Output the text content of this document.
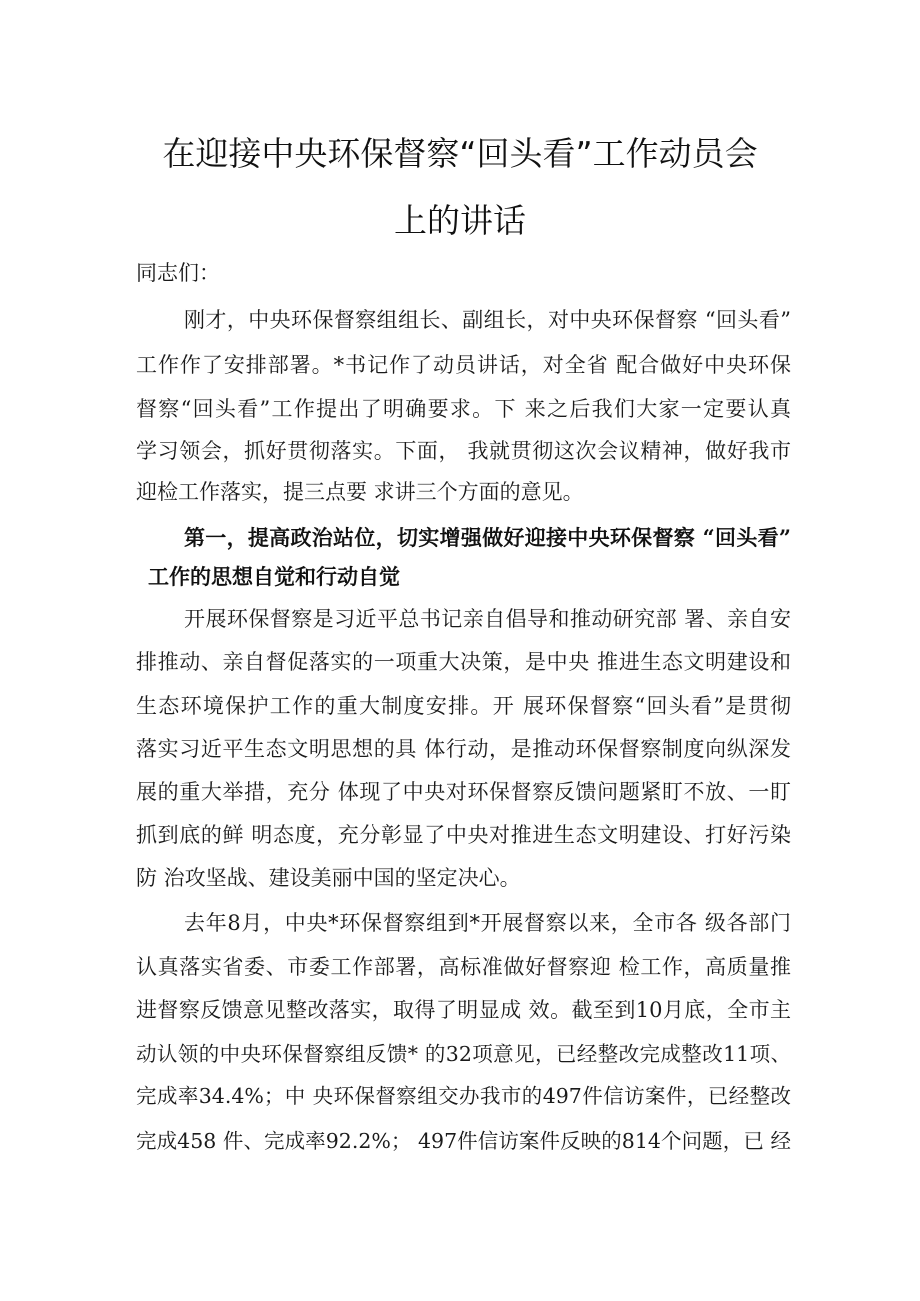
在迎接中央环保督察“回头看”工作动员会
上的讲话
同志们：
刚才，中央环保督察组组长、副组长，对中央环保督察 “回头看”
工作作了安排部署。*书记作了动员讲话，对全省 配合做好中央环保
督察“回头看”工作提出了明确要求。下 来之后我们大家一定要认真
学习领会，抓好贯彻落实。下面， 我就贯彻这次会议精神，做好我市
迎检工作落实，提三点要 求讲三个方面的意见。
第一，提高政治站位，切实增强做好迎接中央环保督察 “回头看”
工作的思想自觉和行动自觉
开展环保督察是习近平总书记亲自倡导和推动研究部 署、亲自安
排推动、亲自督促落实的一项重大决策，是中央 推进生态文明建设和
生态环境保护工作的重大制度安排。开 展环保督察“回头看”是贯彻
落实习近平生态文明思想的具 体行动，是推动环保督察制度向纵深发
展的重大举措，充分 体现了中央对环保督察反馈问题紧盯不放、一盯
抓到底的鲜 明态度，充分彰显了中央对推进生态文明建设、打好污染
防 治攻坚战、建设美丽中国的坚定决心。
去年8月，中央*环保督察组到*开展督察以来，全市各 级各部门
认真落实省委、市委工作部署，高标准做好督察迎 检工作，高质量推
进督察反馈意见整改落实，取得了明显成 效。截至到10月底，全市主
动认领的中央环保督察组反馈* 的32项意见，已经整改完成整改11项、
完成率34.4%；中 央环保督察组交办我市的497件信访案件，已经整改
完成458 件、完成率92.2%； 497件信访案件反映的814个问题，已 经
